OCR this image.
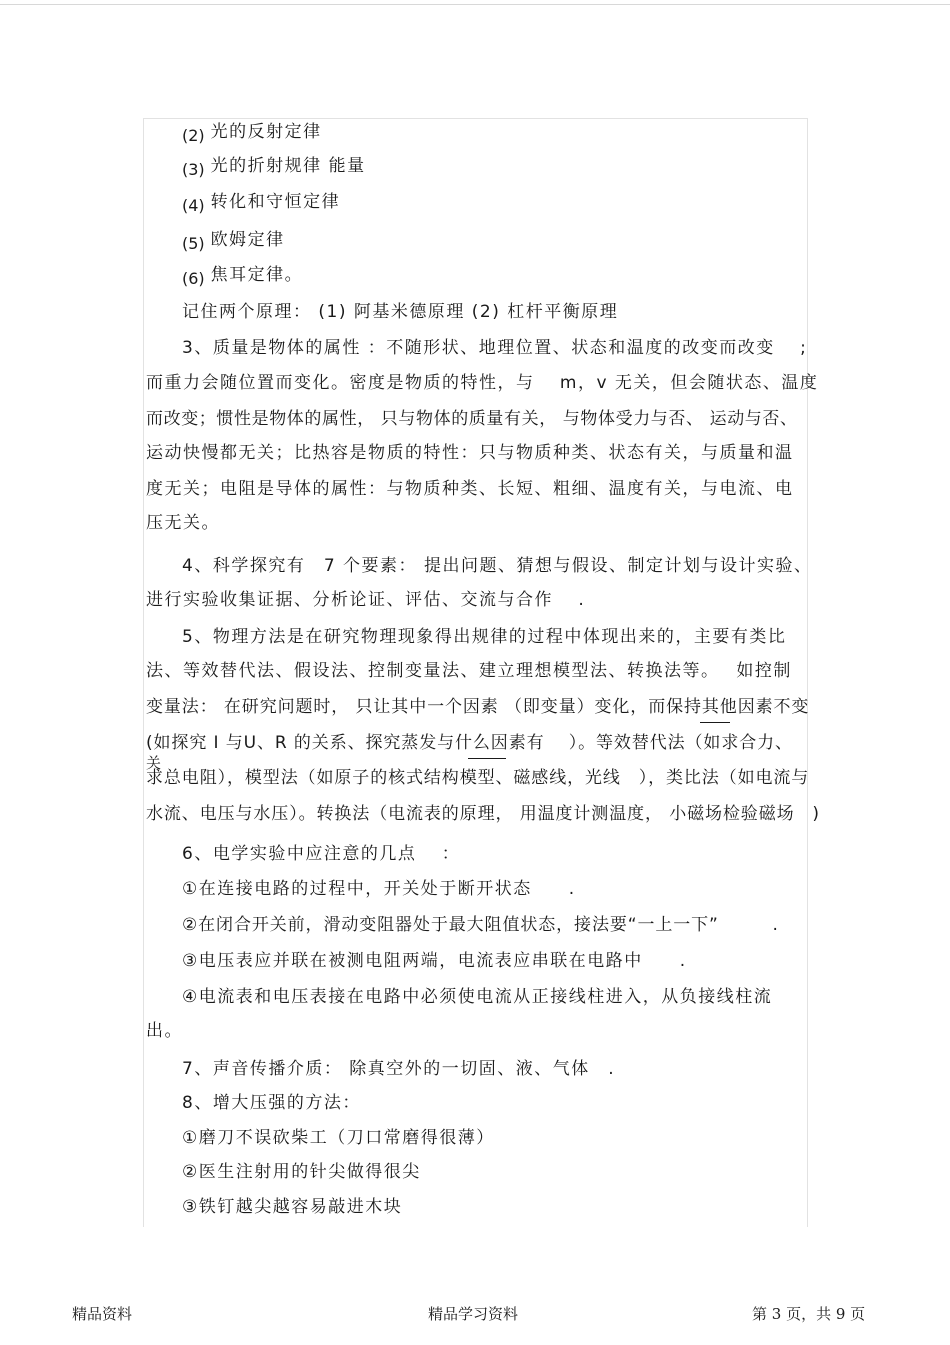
(2) 光的反射定律
(3) 光的折射规律 能量
(4) 转化和守恒定律
(5) 欧姆定律
(6) 焦耳定律。
记住两个原理： (1) 阿基米德原理 (2) 杠杆平衡原理
3、质量是物体的属性 ：不随形状、地理位置、状态和温度的改变而改变　 ;
而重力会随位置而变化。密度是物质的特性，与　 m，v 无关，但会随状态、温度
而改变；惯性是物体的属性， 只与物体的质量有关， 与物体受力与否、 运动与否、
运动快慢都无关；比热容是物质的特性：只与物质种类、状态有关，与质量和温
度无关；电阻是导体的属性：与物质种类、长短、粗细、温度有关，与电流、电
压无关。
4、科学探究有　7 个要素： 提出问题、猜想与假设、制定计划与设计实验、
进行实验收集证据、分析论证、评估、交流与合作　 .
5、物理方法是在研究物理现象得出规律的过程中体现出来的，主要有类比
法、等效替代法、假设法、控制变量法、建立理想模型法、转换法等。　 如控制
变量法： 在研究问题时， 只让其中一个因素 （即变量）变化，而保持其他因素不变
(如探究 I 与U、R 的关系、探究蒸发与什么因素有　 ）。等效替代法（如求合力、
关
求总电阻），模型法（如原子的核式结构模型、磁感线，光线　），类比法（如电流与
水流、电压与水压）。转换法（电流表的原理， 用温度计测温度， 小磁场检验磁场　)
6、电学实验中应注意的几点　 ：
①在连接电路的过程中，开关处于断开状态　　.
②在闭合开关前，滑动变阻器处于最大阻值状态，接法要“一上一下”　　　.
③电压表应并联在被测电阻两端，电流表应串联在电路中　　.
④电流表和电压表接在电路中必须使电流从正接线柱进入，从负接线柱流
出。
7、声音传播介质： 除真空外的一切固、液、气体　.
8、增大压强的方法：
①磨刀不误砍柴工（刀口常磨得很薄）
②医生注射用的针尖做得很尖
③铁钉越尖越容易敲进木块
精品资料	精品学习资料	第 3 页，共 9 页
